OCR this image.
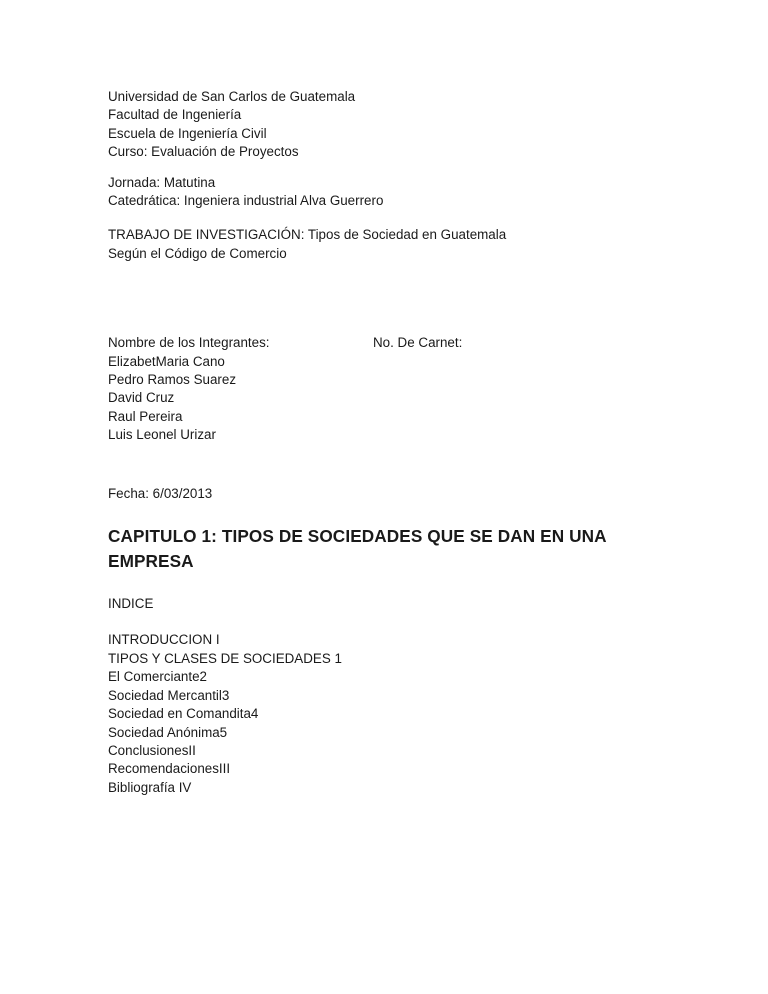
Universidad de San Carlos de Guatemala
Facultad de Ingeniería
Escuela de Ingeniería Civil
Curso: Evaluación de Proyectos
Jornada: Matutina
Catedrática: Ingeniera industrial Alva Guerrero
TRABAJO DE INVESTIGACIÓN: Tipos de Sociedad en Guatemala
Según el Código de Comercio
Nombre de los Integrantes:	No. De Carnet:
ElizabetMaria Cano
Pedro Ramos Suarez
David Cruz
Raul Pereira
Luis Leonel Urizar
Fecha: 6/03/2013
CAPITULO 1: TIPOS DE SOCIEDADES QUE SE DAN EN UNA EMPRESA
INDICE
INTRODUCCION I
TIPOS Y CLASES DE SOCIEDADES 1
El Comerciante2
Sociedad Mercantil3
Sociedad en Comandita4
Sociedad Anónima5
ConclusionesII
RecomendacionesIII
Bibliografía IV
